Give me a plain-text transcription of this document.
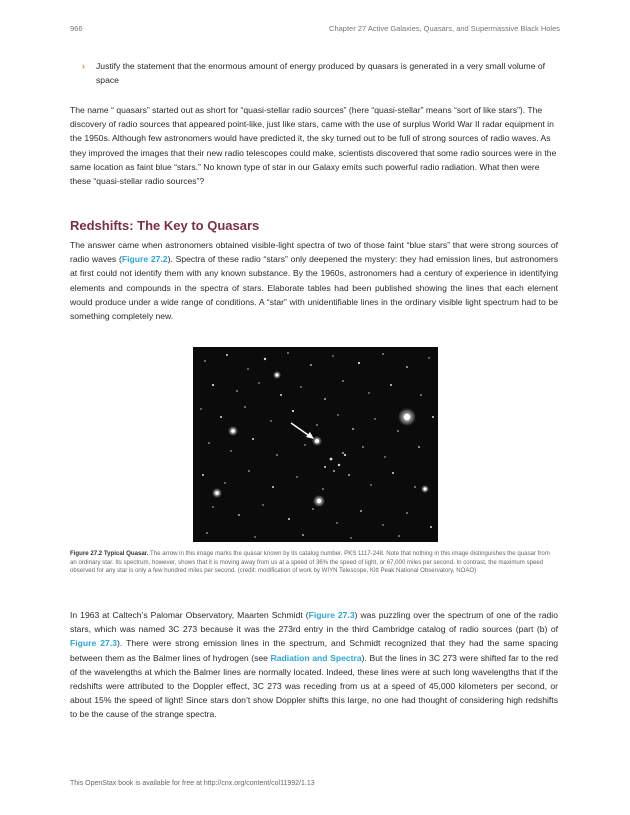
966	Chapter 27 Active Galaxies, Quasars, and Supermassive Black Holes
›	Justify the statement that the enormous amount of energy produced by quasars is generated in a very small volume of space

The name “ quasars” started out as short for “quasi-stellar radio sources” (here “quasi-stellar” means “sort of like stars”). The discovery of radio sources that appeared point-like, just like stars, came with the use of surplus World War II radar equipment in the 1950s. Although few astronomers would have predicted it, the sky turned out to be full of strong sources of radio waves. As they improved the images that their new radio telescopes could make, scientists discovered that some radio sources were in the same location as faint blue “stars.” No known type of star in our Galaxy emits such powerful radio radiation. What then were these “quasi-stellar radio sources”?

Redshifts: The Key to Quasars

The answer came when astronomers obtained visible-light spectra of two of those faint “blue stars” that were strong sources of radio waves (Figure 27.2). Spectra of these radio “stars” only deepened the mystery: they had emission lines, but astronomers at first could not identify them with any known substance. By the 1960s, astronomers had a century of experience in identifying elements and compounds in the spectra of stars. Elaborate tables had been published showing the lines that each element would produce under a wide range of conditions. A “star” with unidentifiable lines in the ordinary visible light spectrum had to be something completely new.

Figure 27.2 Typical Quasar. The arrow in this image marks the quasar known by its catalog number, PKS 1117-248. Note that nothing in this image distinguishes the quasar from an ordinary star. Its spectrum, however, shows that it is moving away from us at a speed of 36% the speed of light, or 67,000 miles per second. In contrast, the maximum speed observed for any star is only a few hundred miles per second. (credit: modification of work by WIYN Telescope, Kitt Peak National Observatory, NOAO)

In 1963 at Caltech’s Palomar Observatory, Maarten Schmidt (Figure 27.3) was puzzling over the spectrum of one of the radio stars, which was named 3C 273 because it was the 273rd entry in the third Cambridge catalog of radio sources (part (b) of Figure 27.3). There were strong emission lines in the spectrum, and Schmidt recognized that they had the same spacing between them as the Balmer lines of hydrogen (see Radiation and Spectra). But the lines in 3C 273 were shifted far to the red of the wavelengths at which the Balmer lines are normally located. Indeed, these lines were at such long wavelengths that if the redshifts were attributed to the Doppler effect, 3C 273 was receding from us at a speed of 45,000 kilometers per second, or about 15% the speed of light! Since stars don’t show Doppler shifts this large, no one had thought of considering high redshifts to be the cause of the strange spectra.

This OpenStax book is available for free at http://cnx.org/content/col11992/1.13
